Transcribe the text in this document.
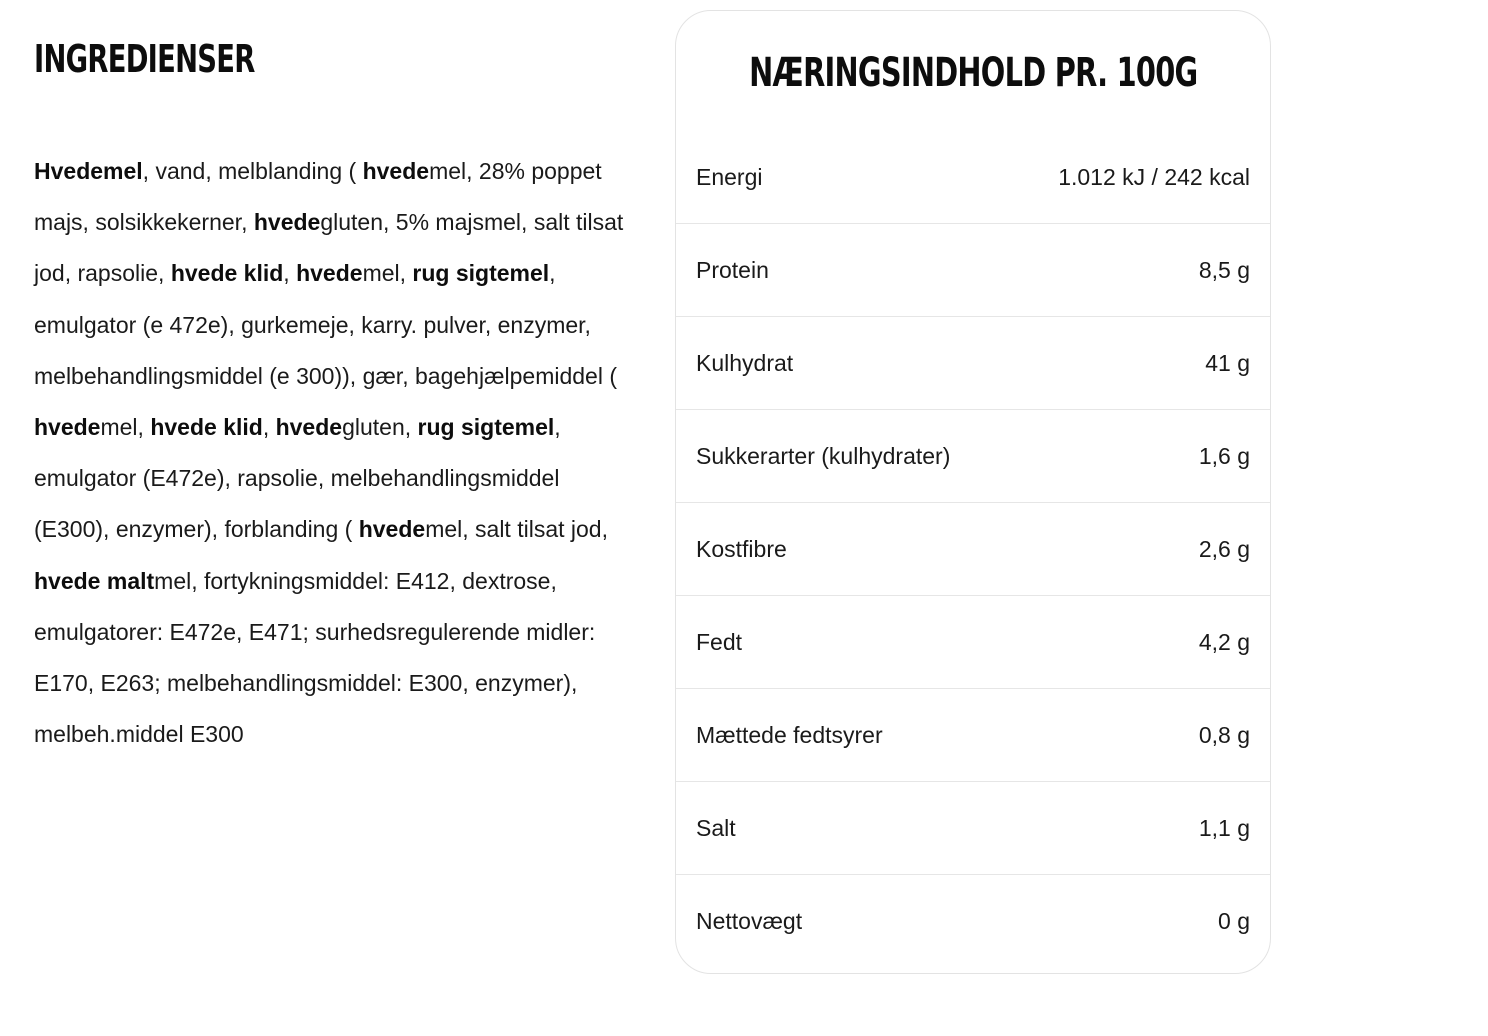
INGREDIENSER
Hvedemel, vand, melblanding ( hvedemel, 28% poppet majs, solsikkekerner, hvedegluten, 5% majsmel, salt tilsat jod, rapsolie, hvede klid, hvedemel, rug sigtemel, emulgator (e 472e), gurkemeje, karry. pulver, enzymer, melbehandlingsmiddel (e 300)), gær, bagehjælpemiddel ( hvedemel, hvede klid, hvedegluten, rug sigtemel, emulgator (E472e), rapsolie, melbehandlingsmiddel (E300), enzymer), forblanding ( hvedemel, salt tilsat jod, hvede maltmel, fortykningsmiddel: E412, dextrose, emulgatorer: E472e, E471; surhedsregulerende midler: E170, E263; melbehandlingsmiddel: E300, enzymer), melbeh.middel E300
NÆRINGSINDHOLD PR. 100G
Energi	1.012 kJ / 242 kcal
Protein	8,5 g
Kulhydrat	41 g
Sukkerarter (kulhydrater)	1,6 g
Kostfibre	2,6 g
Fedt	4,2 g
Mættede fedtsyrer	0,8 g
Salt	1,1 g
Nettovægt	0 g
